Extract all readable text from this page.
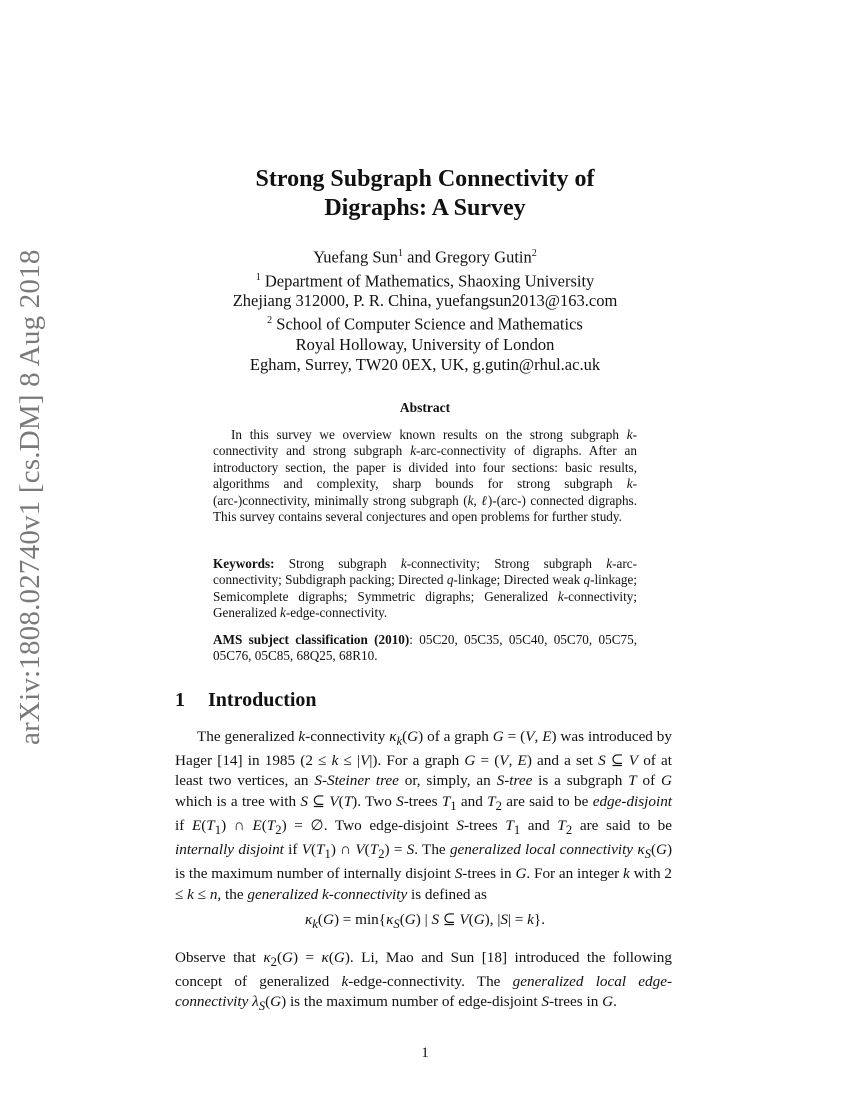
arXiv:1808.02740v1 [cs.DM] 8 Aug 2018
Strong Subgraph Connectivity of
Digraphs: A Survey
Yuefang Sun$^1$ and Gregory Gutin$^2$
$^1$ Department of Mathematics, Shaoxing University
Zhejiang 312000, P. R. China, yuefangsun2013@163.com
$^2$ School of Computer Science and Mathematics
Royal Holloway, University of London
Egham, Surrey, TW20 0EX, UK, g.gutin@rhul.ac.uk
Abstract
In this survey we overview known results on the strong subgraph k-connectivity and strong subgraph k-arc-connectivity of digraphs. After an introductory section, the paper is divided into four sections: basic results, algorithms and complexity, sharp bounds for strong subgraph k-(arc-)connectivity, minimally strong subgraph (k, ℓ)-(arc-) connected digraphs. This survey contains several conjectures and open problems for further study.
Keywords: Strong subgraph k-connectivity; Strong subgraph k-arc-connectivity; Subdigraph packing; Directed q-linkage; Directed weak q-linkage; Semicomplete digraphs; Symmetric digraphs; Generalized k-connectivity; Generalized k-edge-connectivity.
AMS subject classification (2010): 05C20, 05C35, 05C40, 05C70, 05C75, 05C76, 05C85, 68Q25, 68R10.
1 Introduction
The generalized k-connectivity $\kappa_k(G)$ of a graph G = (V, E) was introduced by Hager [14] in 1985 (2 ≤ k ≤ |V|). For a graph G = (V, E) and a set S ⊆ V of at least two vertices, an S-Steiner tree or, simply, an S-tree is a subgraph T of G which is a tree with S ⊆ V(T). Two S-trees $T_1$ and $T_2$ are said to be edge-disjoint if $E(T_1)$ ∩ $E(T_2)$ = ∅. Two edge-disjoint S-trees $T_1$ and $T_2$ are said to be internally disjoint if $V(T_1)$ ∩ $V(T_2) = S$. The generalized local connectivity $\kappa_S(G)$ is the maximum number of internally disjoint S-trees in G. For an integer k with 2 ≤ k ≤ n, the generalized k-connectivity is defined as
$\kappa_k(G) = \min\{\kappa_S(G)$ | S ⊆ V(G), |S| = k}.
Observe that $\kappa_2(G) = \kappa(G)$. Li, Mao and Sun [18] introduced the following concept of generalized k-edge-connectivity. The generalized local edge-connectivity $\lambda_S(G)$ is the maximum number of edge-disjoint S-trees in G.
1
